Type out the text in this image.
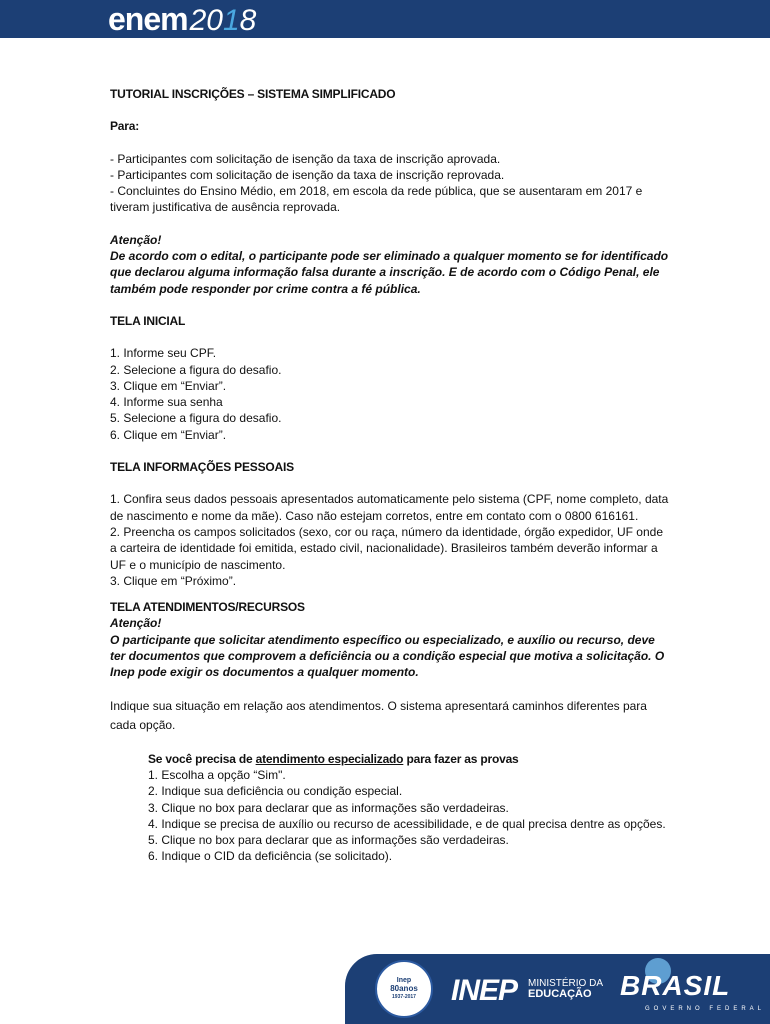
enem 2018

TUTORIAL INSCRIÇÕES – SISTEMA SIMPLIFICADO

Para:

- Participantes com solicitação de isenção da taxa de inscrição aprovada.

- Participantes com solicitação de isenção da taxa de inscrição reprovada.

- Concluintes do Ensino Médio, em 2018, em escola da rede pública, que se ausentaram em 2017 e tiveram justificativa de ausência reprovada.

Atenção!

De acordo com o edital, o participante pode ser eliminado a qualquer momento se for identificado que declarou alguma informação falsa durante a inscrição. E de acordo com o Código Penal, ele também pode responder por crime contra a fé pública.

TELA INICIAL

1. Informe seu CPF.

2. Selecione a figura do desafio.

3. Clique em “Enviar”.

4. Informe sua senha

5. Selecione a figura do desafio.

6. Clique em “Enviar”.

TELA INFORMAÇÕES PESSOAIS

1. Confira seus dados pessoais apresentados automaticamente pelo sistema (CPF, nome completo, data de nascimento e nome da mãe). Caso não estejam corretos, entre em contato com o 0800 616161.

2. Preencha os campos solicitados (sexo, cor ou raça, número da identidade, órgão expedidor, UF onde a carteira de identidade foi emitida, estado civil, nacionalidade). Brasileiros também deverão informar a UF e o município de nascimento.

3. Clique em “Próximo”.

TELA ATENDIMENTOS/RECURSOS

Atenção!

O participante que solicitar atendimento específico ou especializado, e auxílio ou recurso, deve ter documentos que comprovem a deficiência ou a condição especial que motiva a solicitação. O Inep pode exigir os documentos a qualquer momento.

Indique sua situação em relação aos atendimentos. O sistema apresentará caminhos diferentes para cada opção.

Se você precisa de atendimento especializado para fazer as provas

1. Escolha a opção “Sim".

2. Indique sua deficiência ou condição especial.

3. Clique no box para declarar que as informações são verdadeiras.

4. Indique se precisa de auxílio ou recurso de acessibilidade, e de qual precisa dentre as opções.

5. Clique no box para declarar que as informações são verdadeiras.

6. Indique o CID da deficiência (se solicitado).

Inep
80anos
1937-2017 INEP MINISTÉRIO DA
EDUCAÇÃO	BRASIL
GOVERNO FEDERAL
